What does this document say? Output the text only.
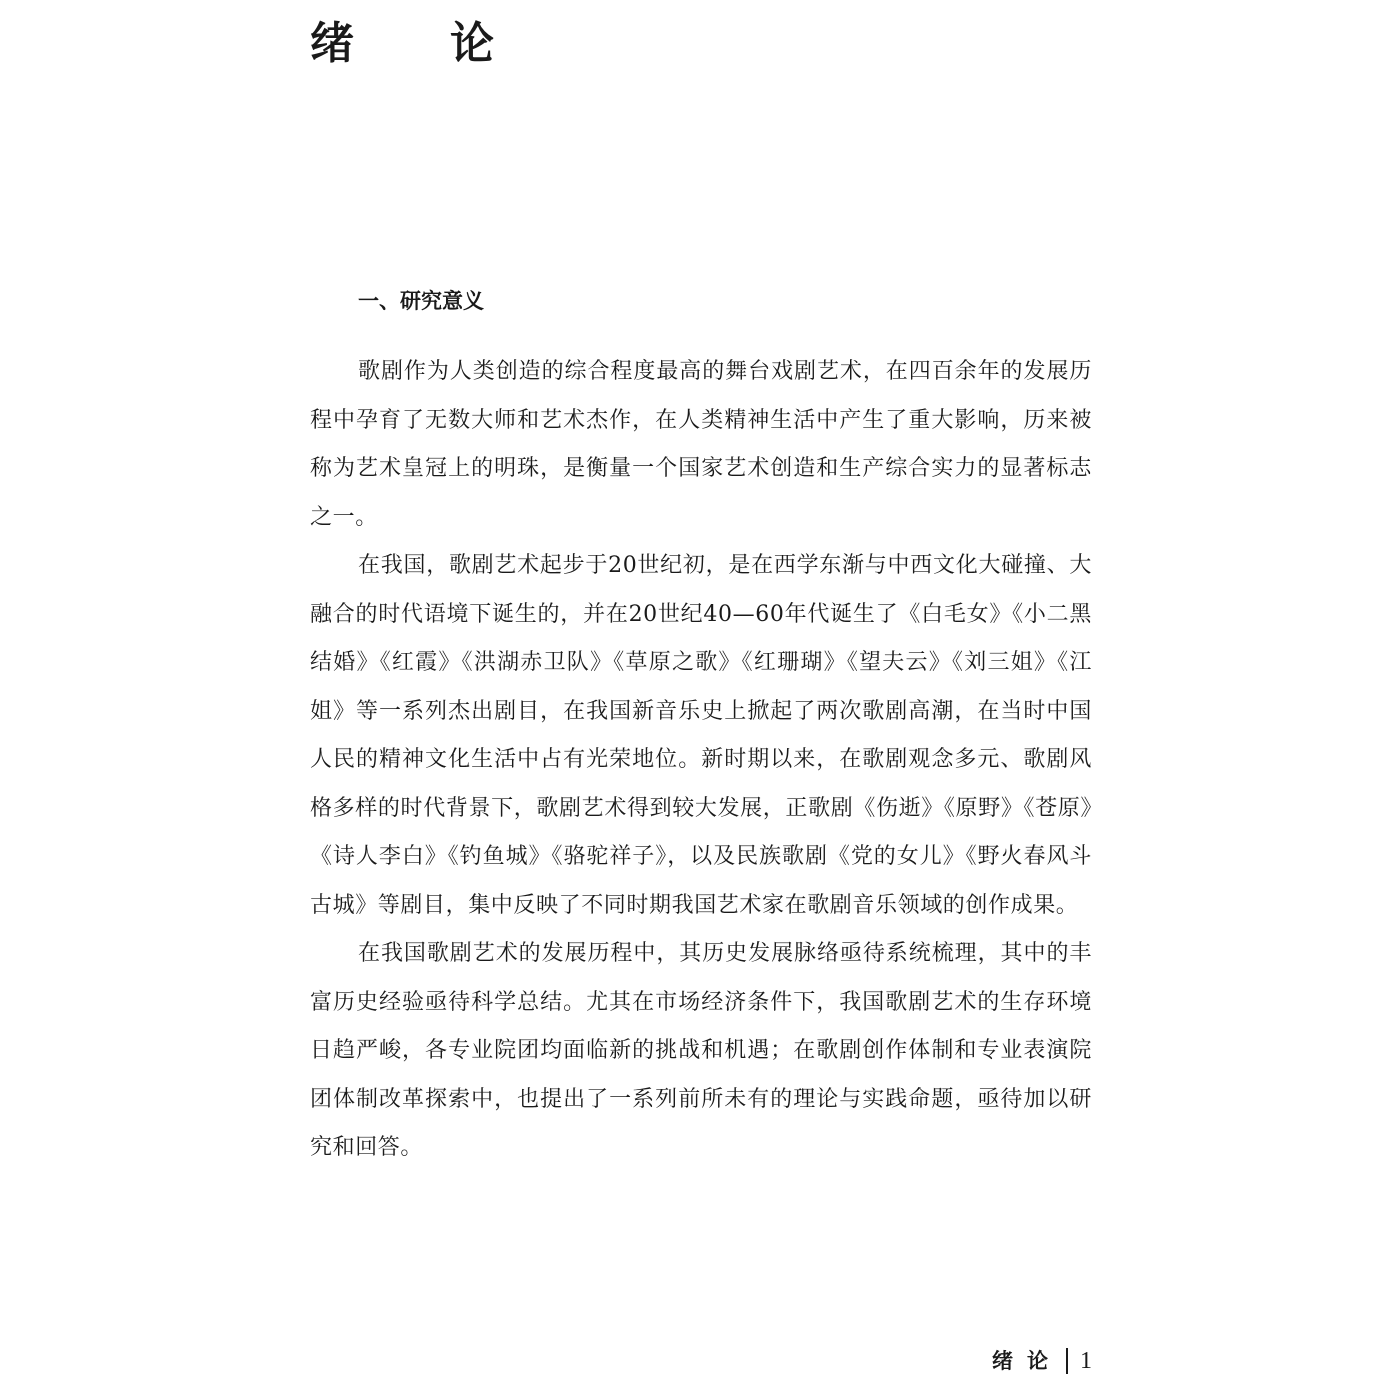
绪论
一、研究意义

歌剧作为人类创造的综合程度最高的舞台戏剧艺术，在四百余年的发展历程中孕育了无数大师和艺术杰作，在人类精神生活中产生了重大影响，历来被称为艺术皇冠上的明珠，是衡量一个国家艺术创造和生产综合实力的显著标志之一。

在我国，歌剧艺术起步于20世纪初，是在西学东渐与中西文化大碰撞、大融合的时代语境下诞生的，并在20世纪40—60年代诞生了《白毛女》《小二黑结婚》《红霞》《洪湖赤卫队》《草原之歌》《红珊瑚》《望夫云》《刘三姐》《江姐》等一系列杰出剧目，在我国新音乐史上掀起了两次歌剧高潮，在当时中国人民的精神文化生活中占有光荣地位。新时期以来，在歌剧观念多元、歌剧风格多样的时代背景下，歌剧艺术得到较大发展，正歌剧《伤逝》《原野》《苍原》《诗人李白》《钓鱼城》《骆驼祥子》，以及民族歌剧《党的女儿》《野火春风斗古城》等剧目，集中反映了不同时期我国艺术家在歌剧音乐领域的创作成果。

在我国歌剧艺术的发展历程中，其历史发展脉络亟待系统梳理，其中的丰富历史经验亟待科学总结。尤其在市场经济条件下，我国歌剧艺术的生存环境日趋严峻，各专业院团均面临新的挑战和机遇；在歌剧创作体制和专业表演院团体制改革探索中，也提出了一系列前所未有的理论与实践命题，亟待加以研究和回答。

绪论 1
